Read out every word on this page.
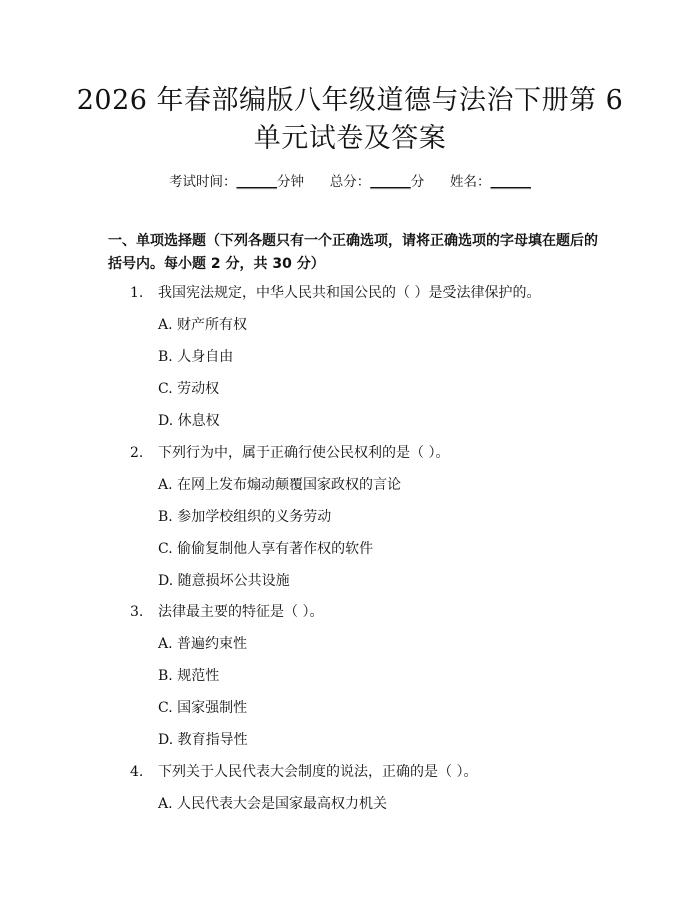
2026 年春部编版八年级道德与法治下册第 6
单元试卷及答案
考试时间：______分钟 总分：______分 姓名：______
一、单项选择题（下列各题只有一个正确选项，请将正确选项的字母填在题后的括号内。每小题 2 分，共 30 分）
1. 我国宪法规定，中华人民共和国公民的（ ）是受法律保护的。
A. 财产所有权
B. 人身自由
C. 劳动权
D. 休息权
2. 下列行为中，属于正确行使公民权利的是（ ）。
A. 在网上发布煽动颠覆国家政权的言论
B. 参加学校组织的义务劳动
C. 偷偷复制他人享有著作权的软件
D. 随意损坏公共设施
3. 法律最主要的特征是（ ）。
A. 普遍约束性
B. 规范性
C. 国家强制性
D. 教育指导性
4. 下列关于人民代表大会制度的说法，正确的是（ ）。
A. 人民代表大会是国家最高权力机关
